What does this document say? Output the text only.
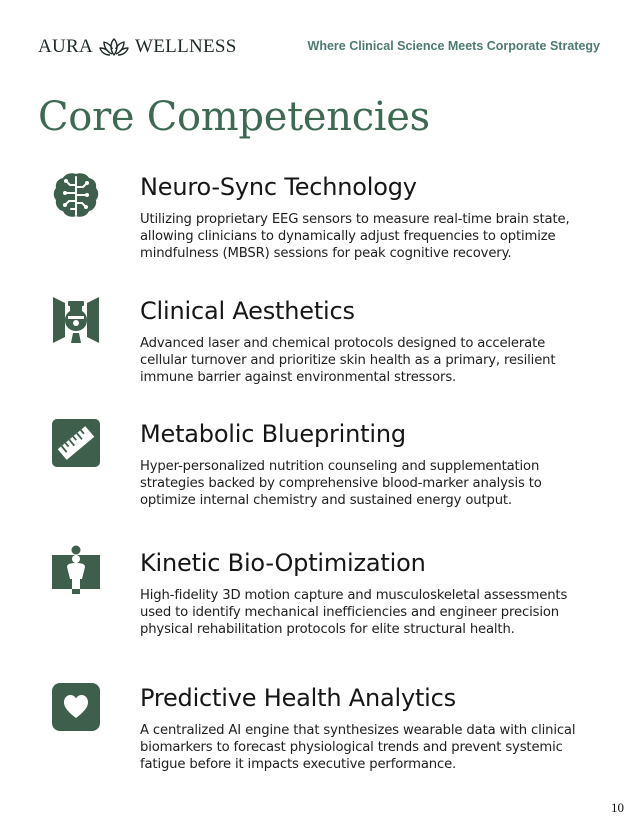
AURA WELLNESS	Where Clinical Science Meets Corporate Strategy
Core Competencies
Neuro-Sync Technology

Utilizing proprietary EEG sensors to measure real-time brain state, allowing clinicians to dynamically adjust frequencies to optimize mindfulness (MBSR) sessions for peak cognitive recovery.

Clinical Aesthetics

Advanced laser and chemical protocols designed to accelerate cellular turnover and prioritize skin health as a primary, resilient immune barrier against environmental stressors.

Metabolic Blueprinting

Hyper-personalized nutrition counseling and supplementation strategies backed by comprehensive blood-marker analysis to optimize internal chemistry and sustained energy output.

Kinetic Bio-Optimization

High-fidelity 3D motion capture and musculoskeletal assessments used to identify mechanical inefficiencies and engineer precision physical rehabilitation protocols for elite structural health.

Predictive Health Analytics

A centralized AI engine that synthesizes wearable data with clinical biomarkers to forecast physiological trends and prevent systemic fatigue before it impacts executive performance.

10
